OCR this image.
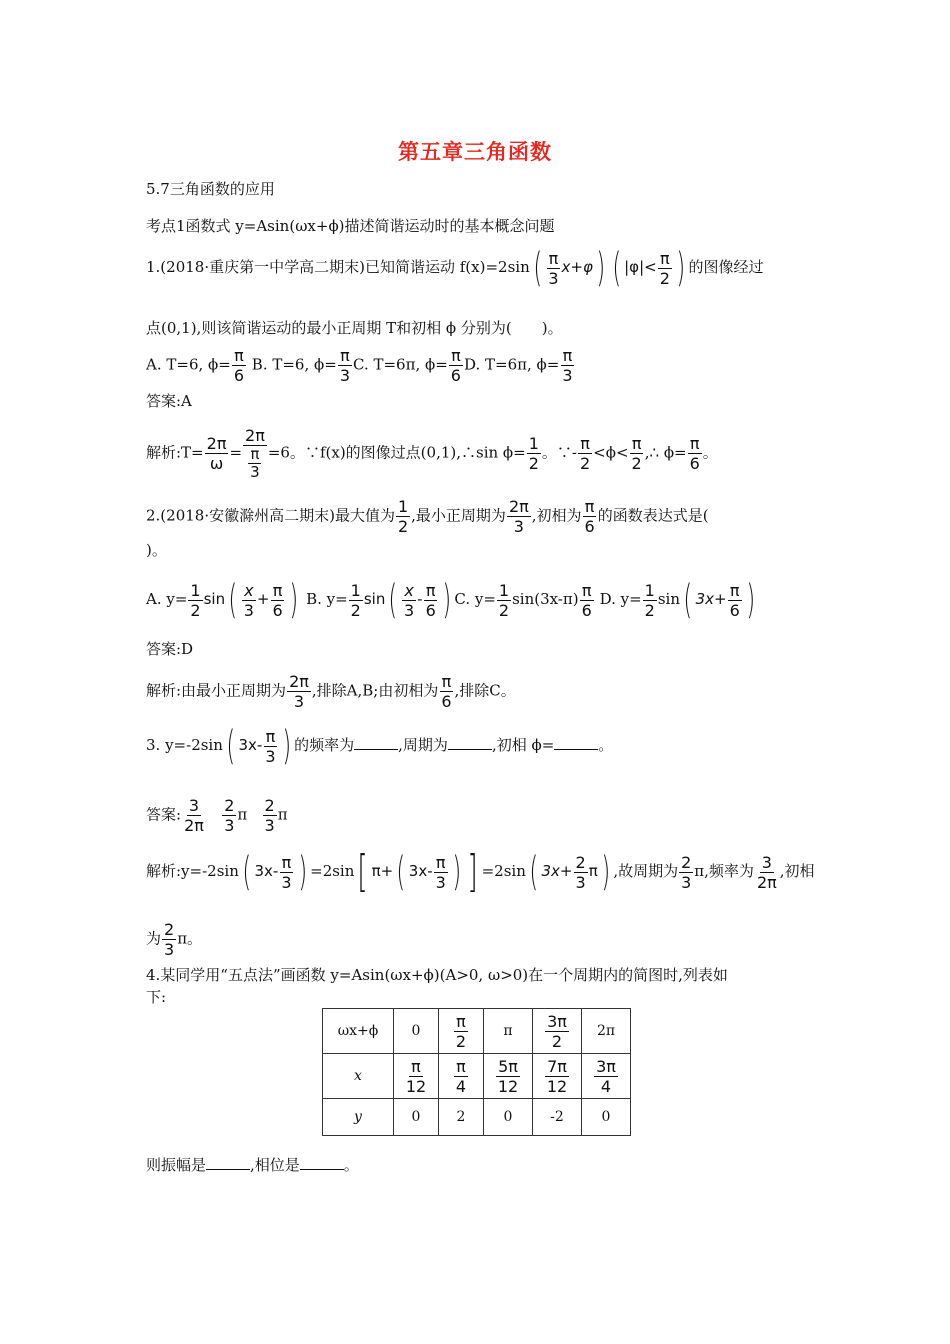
第五章三角函数
5.7三角函数的应用
考点1函数式 y=Asin(ωx+ϕ)描述简谐运动时的基本概念问题
1.(2018·重庆第一中学高二期末)已知简谐运动 $f(x)=2\sin( \frac{\pi}{3} x+\varphi)$ ( $|\varphi|< \frac{\pi}{2}$ ) 的图像经过
点(0,1),则该简谐运动的最小正周期 T和初相 ϕ 分别为(　　)。
A. T=6, $\phi= \frac{\pi}{6} B$. T=6, $\phi= \frac{\pi}{3} C$. T=6π, $\phi= \frac{\pi}{6} D$. T=6π, $\phi= \frac{\pi}{3}$
答案:A
解析:T= $\frac{2\pi}{\omega} = \frac{2\pi}{\frac{\pi}{3}} =6$。∵f(x)的图像过点(0,1),∴sin $\phi= \frac{1}{2}$ 。∵- $\frac{\pi}{2} <\phi< \frac{\pi}{2}$ ,∴ $\phi= \frac{\pi}{6}$ 。
2.(2018·安徽滁州高二期末)最大值为 $\frac{1}{2}$ ,最小正周期为 $\frac{2\pi}{3}$ ,初相为 $\frac{\pi}{6}$ 的函数表达式是(
)。
A. $y= \frac{1}{2} \sin( \frac{x}{3} + \frac{\pi}{6}$ ) B. $y= \frac{1}{2} \sin( \frac{x}{3} - \frac{\pi}{6}$ ) C. $y= \frac{1}{2} \sin(3x-\pi) \frac{\pi}{6} D$. $y= \frac{1}{2} \sin$( $3x+ \frac{\pi}{6}$ )
答案:D
解析:由最小正周期为 $\frac{2\pi}{3}$ ,排除A,B;由初相为 $\frac{\pi}{6}$ ,排除C。
3. y=-2sin( $3x- \frac{\pi}{3}$ ) 的频率为	,周期为	,初相 ϕ=	。
答案: $\frac{3}{2\pi}$
$\frac{2}{3}$ π $\frac{2}{3}$ π
解析:y=-2sin( $3x- \frac{\pi}{3}$ ) =2sin[ π+( $3x- \frac{\pi}{3}$ ) ] =2sin( $3x+ \frac{2}{3} \pi$) ,故周期为 $\frac{2}{3} \pi$,频率为 $\frac{3}{2\pi}$ ,初相
为 $\frac{2}{3}$ π。
4.某同学用“五点法”画函数 y=Asin(ωx+ϕ)(A>0, ω>0)在一个周期内的简图时,列表如
下:
ωx+ϕ	0	$\frac{\pi}{2}$	π	$\frac{3\pi}{2}$	2π
x	$\frac{\pi}{12}$	$\frac{\pi}{4}$	$\frac{5\pi}{12}$	$\frac{7\pi}{12}$	$\frac{3\pi}{4}$

y	0	2	0	-2	0
则振幅是	,相位是	。
